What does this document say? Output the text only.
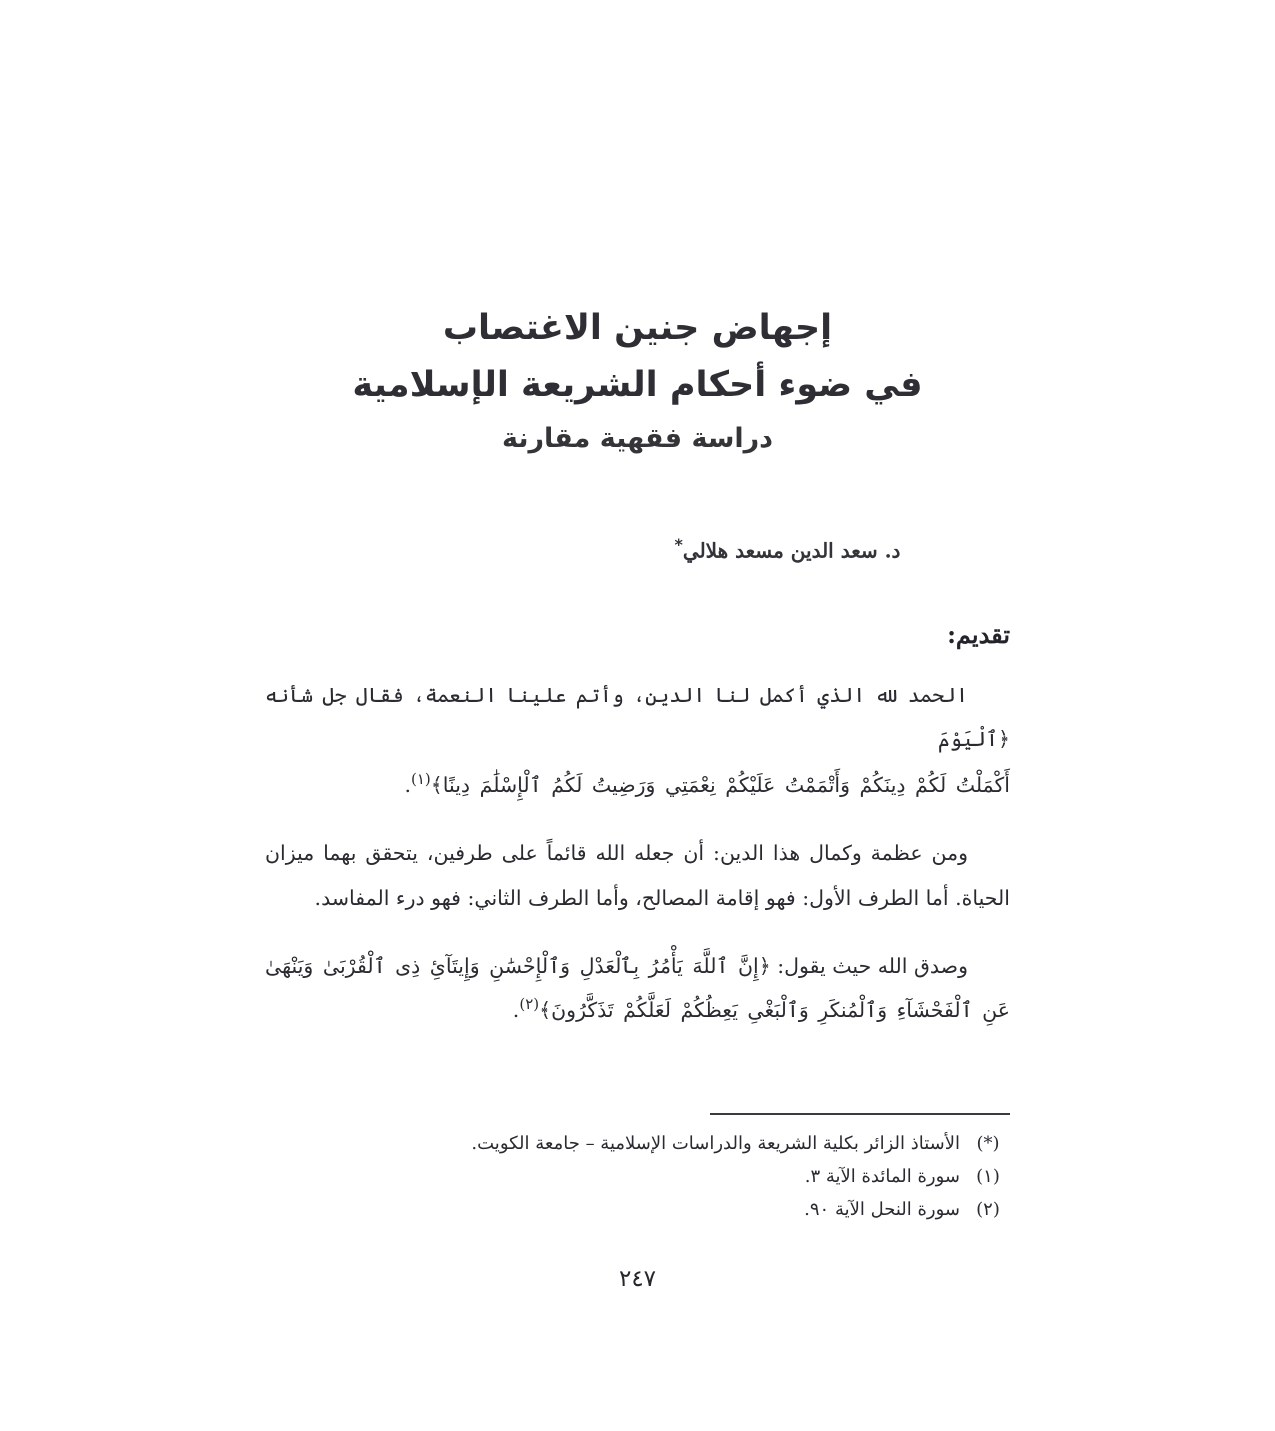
إجهاض جنين الاغتصاب
في ضوء أحكام الشريعة الإسلامية
دراسة فقهية مقارنة
د. سعد الدين مسعد هلالي*
تقديم:
الحمد لله الذي أكمل لنا الدين، وأتم علينا النعمة، فقال جل شأنه ﴿ٱلْيَوْمَ
أَكْمَلْتُ لَكُمْ دِينَكُمْ وَأَتْمَمْتُ عَلَيْكُمْ نِعْمَتِي وَرَضِيتُ لَكُمُ ٱلْإِسْلَٰمَ دِينًا﴾$^{(١)}$.
ومن عظمة وكمال هذا الدين: أن جعله الله قائماً على طرفين، يتحقق بهما ميزان الحياة. أما الطرف الأول: فهو إقامة المصالح، وأما الطرف الثاني: فهو درء المفاسد.
وصدق الله حيث يقول: ﴿إِنَّ ٱللَّهَ يَأْمُرُ بِٱلْعَدْلِ وَٱلْإِحْسَٰنِ وَإِيتَآئِ ذِى ٱلْقُرْبَىٰ وَيَنْهَىٰ عَنِ ٱلْفَحْشَآءِ وَٱلْمُنكَرِ وَٱلْبَغْىِ يَعِظُكُمْ لَعَلَّكُمْ تَذَكَّرُونَ﴾$^{(٢)}$.
(*)
الأستاذ الزائر بكلية الشريعة والدراسات الإسلامية – جامعة الكويت.
(١)
سورة المائدة الآية ٣.
(٢)
سورة النحل الآية ٩٠.
٢٤٧
